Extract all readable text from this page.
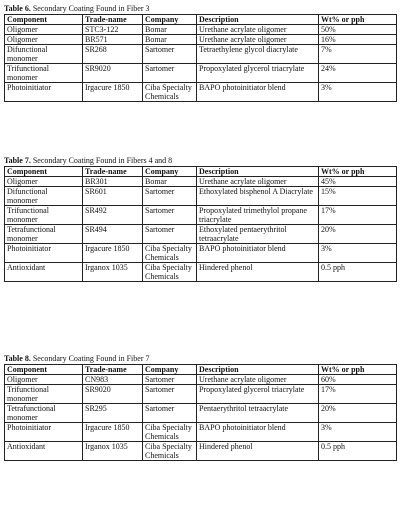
Table 6. Secondary Coating Found in Fiber 3
Component	Trade-name	Company	Description	Wt% or pph
Oligomer	STC3-122	Bomar	Urethane acrylate oligomer	50%
Oligomer	BR571	Bomar	Urethane acrylate oligomer	16%
Difunctional monomer	SR268	Sartomer	Tetraethylene glycol diacrylate	7%
Trifunctional monomer	SR9020	Sartomer	Propoxylated glycerol triacrylate	24%
Photoinitiator	Irgacure 1850	Ciba Specialty Chemicals	BAPO photoinitiator blend	3%
Table 7. Secondary Coating Found in Fibers 4 and 8
Component	Trade-name	Company	Description	Wt% or pph
Oligomer	BR301	Bomar	Urethane acrylate oligomer	45%
Difunctional monomer	SR601	Sartomer	Ethoxylated bisphenol A Diacrylate	15%
Trifunctional monomer	SR492	Sartomer	Propoxylated trimethylol propane triacrylate	17%
Tetrafunctional monomer	SR494	Sartomer	Ethoxylated pentaerythritol tetraacrylate	20%
Photoinitiator	Irgacure 1850	Ciba Specialty Chemicals	BAPO photoinitiator blend	3%
Antioxidant	Irganox 1035	Ciba Specialty Chemicals	Hindered phenol	0.5 pph
Table 8. Secondary Coating Found in Fiber 7
Component	Trade-name	Company	Description	Wt% or pph
Oligomer	CN983	Sartomer	Urethane acrylate oligomer	60%
Trifunctional monomer	SR9020	Sartomer	Propoxylated glycerol triacrylate	17%
Tetrafunctional monomer	SR295	Sartomer	Pentaerythritol tetraacrylate	20%
Photoinitiator	Irgacure 1850	Ciba Specialty Chemicals	BAPO photoinitiator blend	3%
Antioxidant	Irganox 1035	Ciba Specialty Chemicals	Hindered phenol	0.5 pph
